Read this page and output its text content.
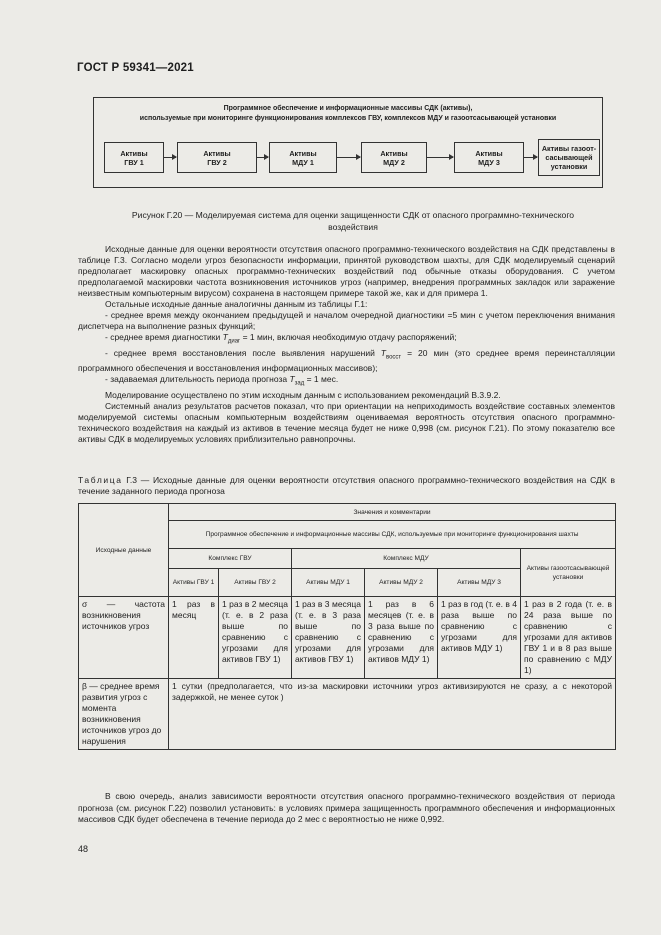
ГОСТ Р 59341—2021
Программное обеспечение и информационные массивы СДК (активы),
используемые при мониторинге функционирования комплексов ГВУ, комплексов МДУ и газоотсасывающей установки
Активы
ГВУ 1
Активы
ГВУ 2
Активы
МДУ 1
Активы
МДУ 2
Активы
МДУ 3
Активы газоот-
сасывающей
установки
Рисунок Г.20 — Моделируемая система для оценки защищенности СДК от опасного программно-технического
воздействия

Исходные данные для оценки вероятности отсутствия опасного программно-технического воздействия на СДК представлены в таблице Г.3. Согласно модели угроз безопасности информации, принятой руководством шахты, для СДК моделируемый сценарий предполагает маскировку опасных программно-технических воздействий под обычные отказы оборудования. С учетом предполагаемой маскировки частота возникновения источников угроз (например, внедрения программных закладок или заражение неизвестным компьютерным вирусом) сохранена в настоящем примере такой же, как и для примера 1.

Остальные исходные данные аналогичны данным из таблицы Г.1:

- среднее время между окончанием предыдущей и началом очередной диагностики =5 мин с учетом переключения внимания диспетчера на выполнение разных функций;

- среднее время диагностики $T_{диаг} = 1$ мин, включая необходимую отдачу распоряжений;

- среднее время восстановления после выявления нарушений $T_{восст} = 20$ мин (это среднее время переинсталляции программного обеспечения и восстановления информационных массивов);

- задаваемая длительность периода прогноза $T_{зад} = 1$ мес.

Моделирование осуществлено по этим исходным данным с использованием рекомендаций В.3.9.2.

Системный анализ результатов расчетов показал, что при ориентации на неприходимость воздействие составных элементов моделируемой системы опасным компьютерным воздействиям оцениваемая вероятность отсутствия опасного программно-технического воздействия на каждый из активов в течение месяца будет не ниже 0,998 (см. рисунок Г.21). По этому показателю все активы СДК в моделируемых условиях приблизительно равнопрочны.

Таблица Г.3 — Исходные данные для оценки вероятности отсутствия опасного программно-технического воздействия на СДК в течение заданного периода прогноза
Исходные данные	Значения и комментарии					
	Программное обеспечение и информационные массивы СДК, используемые при мониторинге функционирования шахты					
	Комплекс ГВУ		Комплекс МДУ			Активы газоотсасывающей установки
	Активы ГВУ 1	Активы ГВУ 2	Активы МДУ 1	Активы МДУ 2	Активы МДУ 3	
σ — частота возникновения источников угроз	1 раз в месяц	1 раз в 2 месяца (т. е. в 2 раза выше по сравнению с угрозами для активов ГВУ 1)	1 раз в 3 месяца (т. е. в 3 раза выше по сравнению с угрозами для активов ГВУ 1)	1 раз в 6 месяцев (т. е. в 3 раза выше по сравнению с угрозами для активов МДУ 1)	1 раз в год (т. е. в 4 раза выше по сравнению с угрозами для активов МДУ 1)	1 раз в 2 года (т. е. в 24 раза выше по сравнению с угрозами для активов ГВУ 1 и в 8 раз выше по сравнению с МДУ 1)
β — среднее время развития угроз с момента возникновения источников угроз до нарушения	1 сутки (предполагается, что из-за маскировки источники угроз активизируются не сразу, а с некоторой задержкой, не менее суток )					

В свою очередь, анализ зависимости вероятности отсутствия опасного программно-технического воздействия от периода прогноза (см. рисунок Г.22) позволил установить: в условиях примера защищенность программного обеспечения и информационных массивов СДК будет обеспечена в течение периода до 2 мес с вероятностью не ниже 0,992.

48
